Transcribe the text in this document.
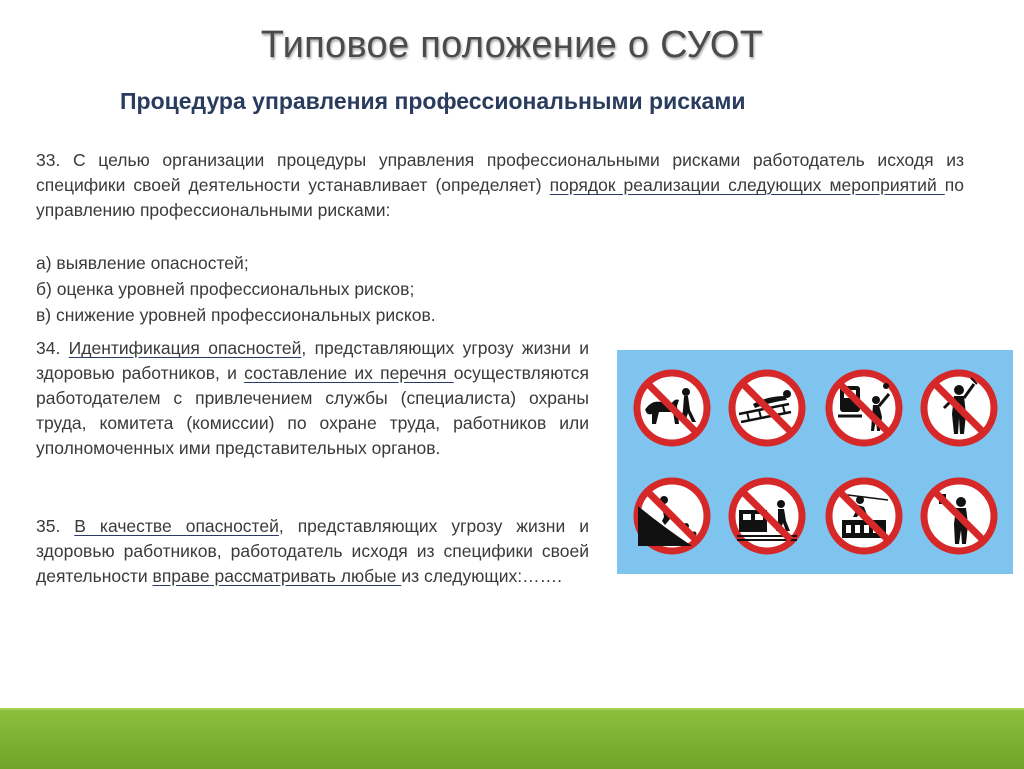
Типовое положение о СУОТ
Процедура управления профессиональными рисками
33. С целью организации процедуры управления профессиональными рисками работодатель исходя из специфики своей деятельности устанавливает (определяет) порядок реализации следующих мероприятий по управлению профессиональными рисками:
а) выявление опасностей;
б) оценка уровней профессиональных рисков;
в) снижение уровней профессиональных рисков.
34. Идентификация опасностей, представляющих угрозу жизни и здоровью работников, и составление их перечня осуществляются работодателем с привлечением службы (специалиста) охраны труда, комитета (комиссии) по охране труда, работников или уполномоченных ими представительных органов.
35. В качестве опасностей, представляющих угрозу жизни и здоровью работников, работодатель исходя из специфики своей деятельности вправе рассматривать любые из следующих:…….
